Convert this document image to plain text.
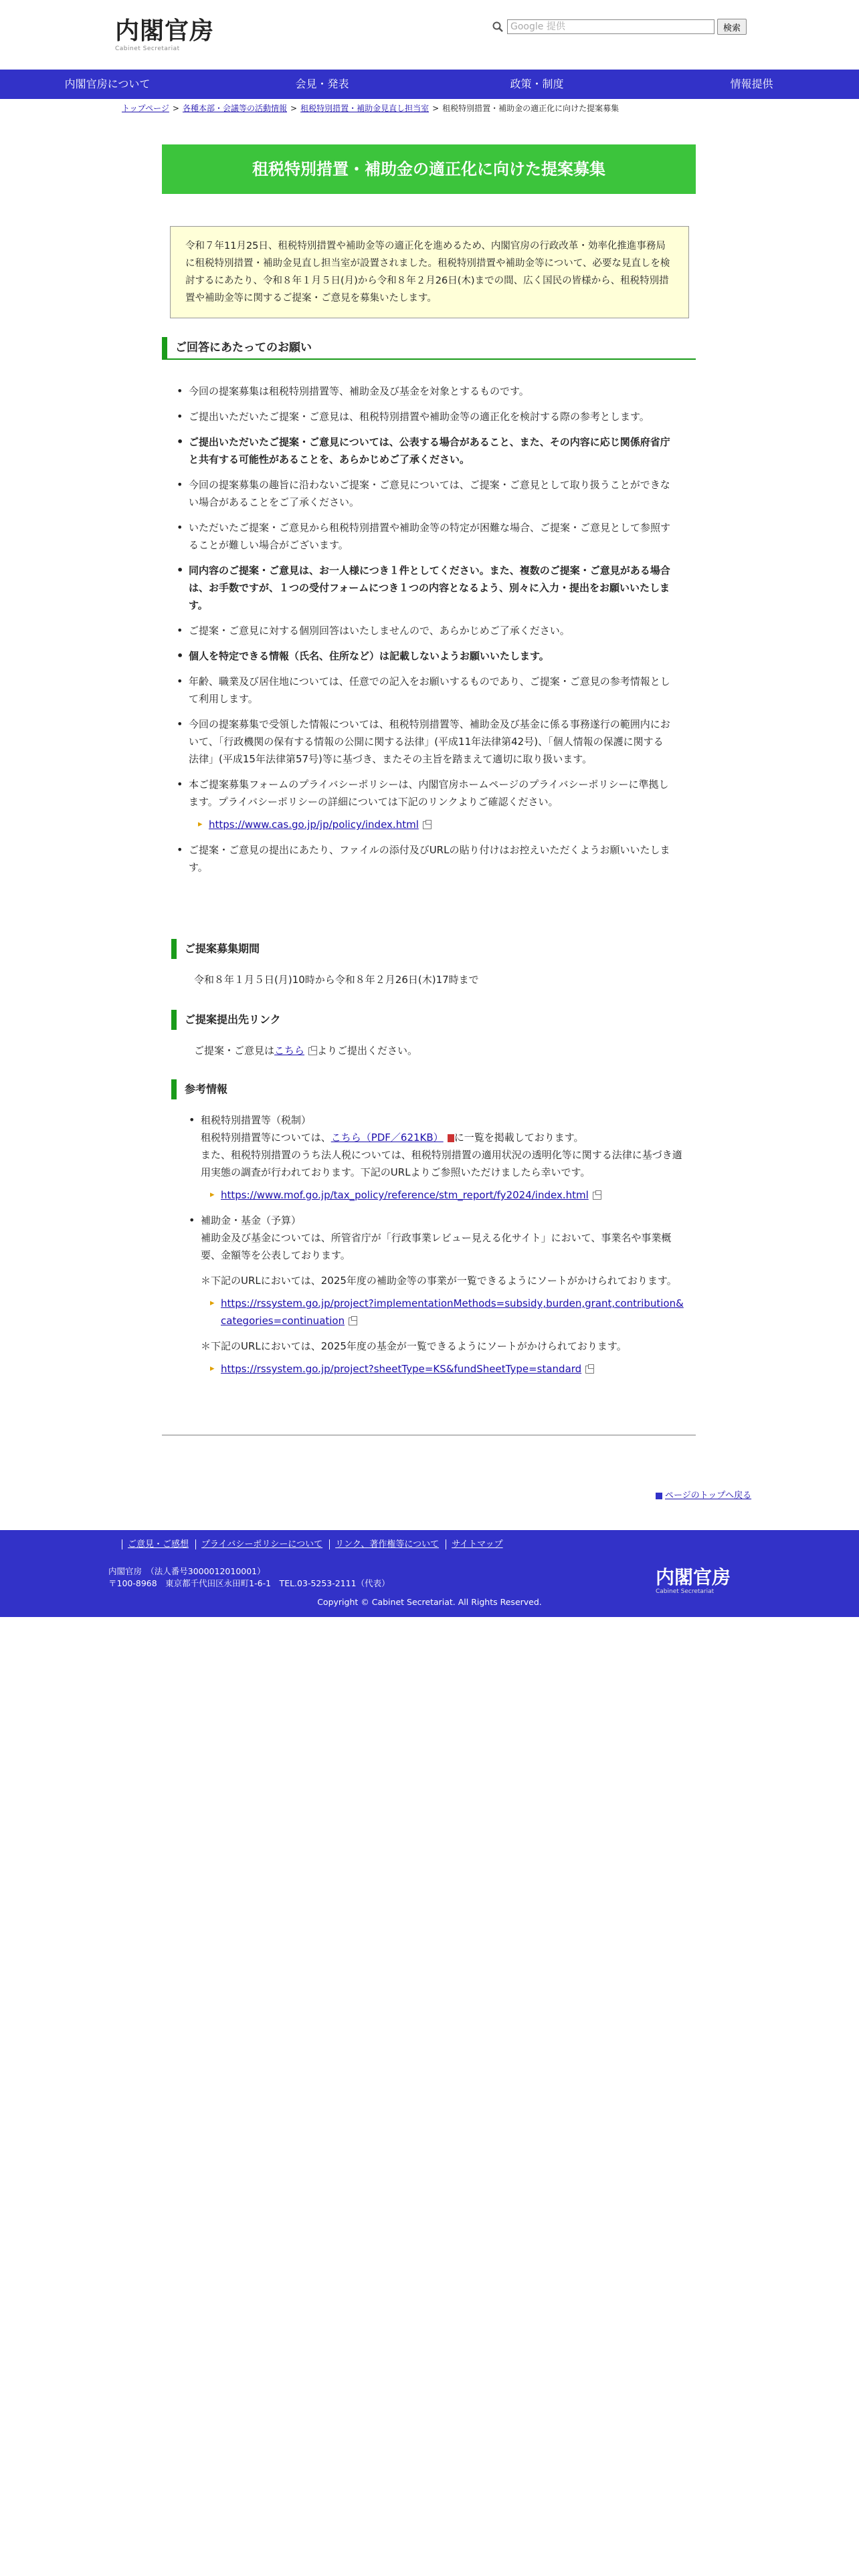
内閣官房
Cabinet Secretariat
Google 提供
検索
内閣官房について	会見・発表	政策・制度	情報提供
トップページ > 各種本部・会議等の活動情報 > 租税特別措置・補助金見直し担当室 > 租税特別措置・補助金の適正化に向けた提案募集
租税特別措置・補助金の適正化に向けた提案募集
令和７年11月25日、租税特別措置や補助金等の適正化を進めるため、内閣官房の行政改革・効率化推進事務局に租税特別措置・補助金見直し担当室が設置されました。租税特別措置や補助金等について、必要な見直しを検討するにあたり、令和８年１月５日(月)から令和８年２月26日(木)までの間、広く国民の皆様から、租税特別措置や補助金等に関するご提案・ご意見を募集いたします。
ご回答にあたってのお願い
• 今回の提案募集は租税特別措置等、補助金及び基金を対象とするものです。
• ご提出いただいたご提案・ご意見は、租税特別措置や補助金等の適正化を検討する際の参考とします。
• ご提出いただいたご提案・ご意見については、公表する場合があること、また、その内容に応じ関係府省庁と共有する可能性があることを、あらかじめご了承ください。
• 今回の提案募集の趣旨に沿わないご提案・ご意見については、ご提案・ご意見として取り扱うことができない場合があることをご了承ください。
• いただいたご提案・ご意見から租税特別措置や補助金等の特定が困難な場合、ご提案・ご意見として参照することが難しい場合がございます。
• 同内容のご提案・ご意見は、お一人様につき１件としてください。また、複数のご提案・ご意見がある場合は、お手数ですが、１つの受付フォームにつき１つの内容となるよう、別々に入力・提出をお願いいたします。
• ご提案・ご意見に対する個別回答はいたしませんので、あらかじめご了承ください。
• 個人を特定できる情報（氏名、住所など）は記載しないようお願いいたします。
• 年齢、職業及び居住地については、任意での記入をお願いするものであり、ご提案・ご意見の参考情報として利用します。
• 今回の提案募集で受領した情報については、租税特別措置等、補助金及び基金に係る事務遂行の範囲内において、「行政機関の保有する情報の公開に関する法律」(平成11年法律第42号)、「個人情報の保護に関する法律」(平成15年法律第57号)等に基づき、またその主旨を踏まえて適切に取り扱います。
• 本ご提案募集フォームのプライバシーポリシーは、内閣官房ホームページのプライバシーポリシーに準拠します。プライバシーポリシーの詳細については下記のリンクよりご確認ください。
▸ https://www.cas.go.jp/jp/policy/index.html
• ご提案・ご意見の提出にあたり、ファイルの添付及びURLの貼り付けはお控えいただくようお願いいたします。
ご提案募集期間
令和８年１月５日(月)10時から令和８年２月26日(木)17時まで
ご提案提出先リンク
ご提案・ご意見はこちら よりご提出ください。
参考情報
• 租税特別措置等（税制）
租税特別措置等については、こちら（PDF／621KB） に一覧を掲載しております。
また、租税特別措置のうち法人税については、租税特別措置の適用状況の透明化等に関する法律に基づき適用実態の調査が行われております。下記のURLよりご参照いただけましたら幸いです。
▸ https://www.mof.go.jp/tax_policy/reference/stm_report/fy2024/index.html
• 補助金・基金（予算）
補助金及び基金については、所管省庁が「行政事業レビュー見える化サイト」において、事業名や事業概要、金額等を公表しております。
＊下記のURLにおいては、2025年度の補助金等の事業が一覧できるようにソートがかけられております。
▸ https://rssystem.go.jp/project?implementationMethods=subsidy,burden,grant,contribution&categories=continuation
＊下記のURLにおいては、2025年度の基金が一覧できるようにソートがかけられております。
▸ https://rssystem.go.jp/project?sheetType=KS&fundSheetType=standard
ページのトップへ戻る
ご意見・ご感想 プライバシーポリシーについて リンク、著作権等について サイトマップ
内閣官房　（法人番号3000012010001）
〒100-8968　東京都千代田区永田町1-6-1　TEL.03-5253-2111（代表）	内閣官房
Cabinet Secretariat
Copyright © Cabinet Secretariat. All Rights Reserved.
